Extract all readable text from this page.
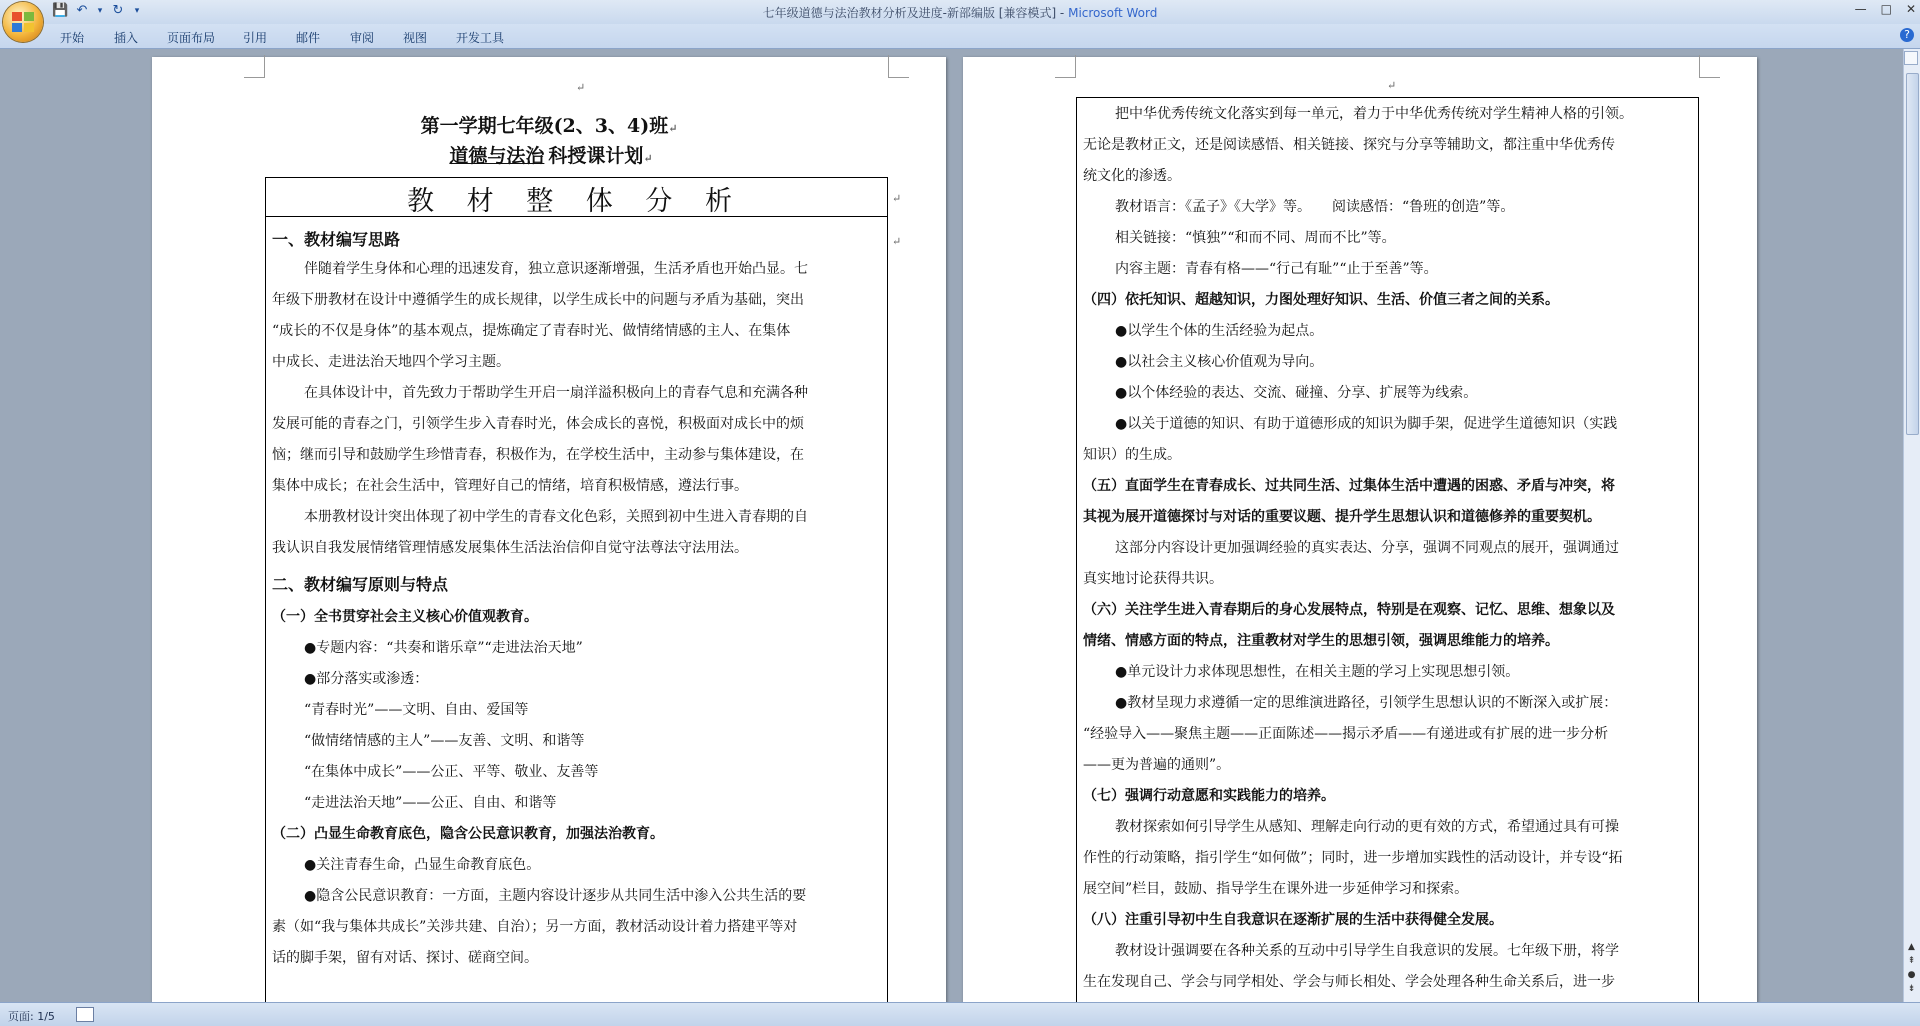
💾 ↶ ▾ ↻	▾	七年级道德与法治教材分析及进度-新部编版 [兼容模式] - Microsoft Word	— □ ✕
开始 插入 页面布局 引用 邮件 审阅 视图 开发工具	?
↵
第一学期七年级(2、3、4)班↵
道德与法治 科授课计划↵
教 材 整 体 分 析	↵
↵
一、教材编写思路
伴随着学生身体和心理的迅速发育，独立意识逐渐增强，生活矛盾也开始凸显。七
年级下册教材在设计中遵循学生的成长规律，以学生成长中的问题与矛盾为基础，突出
“成长的不仅是身体”的基本观点，提炼确定了青春时光、做情绪情感的主人、在集体
中成长、走进法治天地四个学习主题。
在具体设计中，首先致力于帮助学生开启一扇洋溢积极向上的青春气息和充满各种
发展可能的青春之门，引领学生步入青春时光，体会成长的喜悦，积极面对成长中的烦
恼；继而引导和鼓励学生珍惜青春，积极作为，在学校生活中，主动参与集体建设，在
集体中成长；在社会生活中，管理好自己的情绪，培育积极情感，遵法行事。
本册教材设计突出体现了初中学生的青春文化色彩，关照到初中生进入青春期的自
我认识自我发展情绪管理情感发展集体生活法治信仰自觉守法尊法守法用法。
二、教材编写原则与特点
（一）全书贯穿社会主义核心价值观教育。
●专题内容：“共奏和谐乐章”“走进法治天地”
●部分落实或渗透：
“青春时光”——文明、自由、爱国等
“做情绪情感的主人”——友善、文明、和谐等
“在集体中成长”——公正、平等、敬业、友善等
“走进法治天地”——公正、自由、和谐等
（二）凸显生命教育底色，隐含公民意识教育，加强法治教育。
●关注青春生命，凸显生命教育底色。
●隐含公民意识教育：一方面，主题内容设计逐步从共同生活中渗入公共生活的要
素（如“我与集体共成长”关涉共建、自治）；另一方面，教材活动设计着力搭建平等对
话的脚手架，留有对话、探讨、磋商空间。
↵
把中华优秀传统文化落实到每一单元，着力于中华优秀传统对学生精神人格的引领。
无论是教材正文，还是阅读感悟、相关链接、探究与分享等辅助文，都注重中华优秀传
统文化的渗透。
教材语言：《孟子》《大学》等。　　阅读感悟：“鲁班的创造”等。
相关链接：“慎独”“和而不同、周而不比”等。
内容主题：青春有格——“行己有耻”“止于至善”等。
（四）依托知识、超越知识，力图处理好知识、生活、价值三者之间的关系。
●以学生个体的生活经验为起点。
●以社会主义核心价值观为导向。
●以个体经验的表达、交流、碰撞、分享、扩展等为线索。
●以关于道德的知识、有助于道德形成的知识为脚手架，促进学生道德知识（实践
知识）的生成。
（五）直面学生在青春成长、过共同生活、过集体生活中遭遇的困惑、矛盾与冲突，将
其视为展开道德探讨与对话的重要议题、提升学生思想认识和道德修养的重要契机。
这部分内容设计更加强调经验的真实表达、分享，强调不同观点的展开，强调通过
真实地讨论获得共识。
（六）关注学生进入青春期后的身心发展特点，特别是在观察、记忆、思维、想象以及
情绪、情感方面的特点，注重教材对学生的思想引领，强调思维能力的培养。
●单元设计力求体现思想性，在相关主题的学习上实现思想引领。
●教材呈现力求遵循一定的思维演进路径，引领学生思想认识的不断深入或扩展：
“经验导入——聚焦主题——正面陈述——揭示矛盾——有递进或有扩展的进一步分析
——更为普遍的通则”。
（七）强调行动意愿和实践能力的培养。
教材探索如何引导学生从感知、理解走向行动的更有效的方式，希望通过具有可操
作性的行动策略，指引学生“如何做”；同时，进一步增加实践性的活动设计，并专设“拓
展空间”栏目，鼓励、指导学生在课外进一步延伸学习和探索。
（八）注重引导初中生自我意识在逐渐扩展的生活中获得健全发展。
教材设计强调要在各种关系的互动中引导学生自我意识的发展。七年级下册，将学
生在发现自己、学会与同学相处、学会与师长相处、学会处理各种生命关系后，进一步
▲
⇞
●
⇟
页面: 1/5
